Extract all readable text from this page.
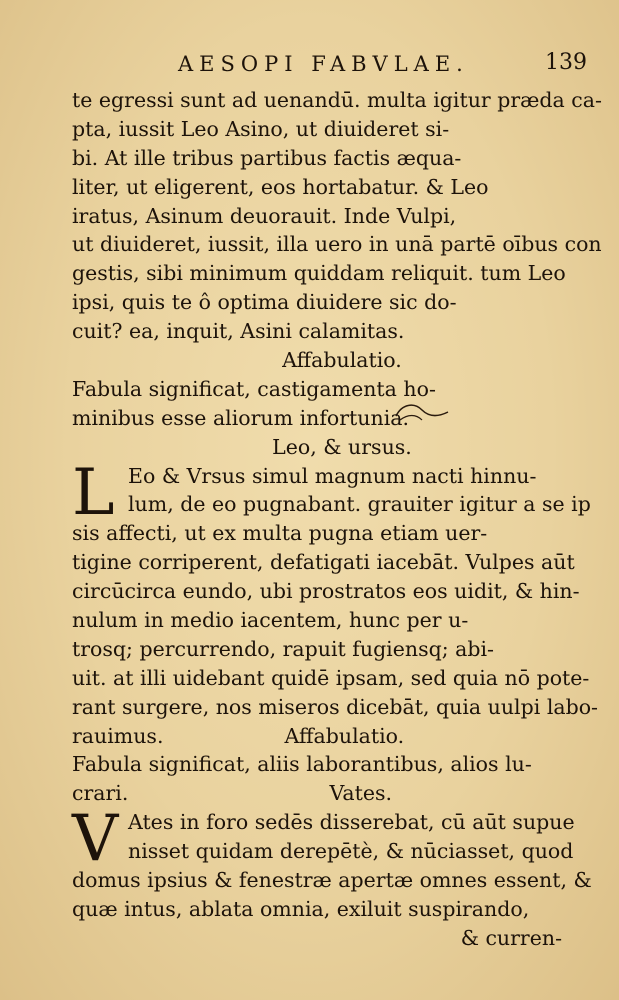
AESOPI FABVLAE.	139
te egressi sunt ad uenandū. multa igitur præda ca-
pta, iussit Leo Asino, ut diuideret si-
bi. At ille tribus partibus factis æqua-
liter, ut eligerent, eos hortabatur. & Leo
iratus, Asinum deuorauit. Inde Vulpi,
ut diuideret, iussit, illa uero in unā partē oībus con
gestis, sibi minimum quiddam reliquit. tum Leo
ipsi, quis te ô optima diuidere sic do-
cuit? ea, inquit, Asini calamitas.
Affabulatio.
Fabula significat, castigamenta ho-
minibus esse aliorum infortunia.
Leo, & ursus.
L Eo & Vrsus simul magnum nacti hinnu-
lum, de eo pugnabant. grauiter igitur a se ip
sis affecti, ut ex multa pugna etiam uer-
tigine corriperent, defatigati iacebāt. Vulpes aūt
circūcirca eundo, ubi prostratos eos uidit, & hin-
nulum in medio iacentem, hunc per u-
trosq; percurrendo, rapuit fugiensq; abi-
uit. at illi uidebant quidē ipsam, sed quia nō pote-
rant surgere, nos miseros dicebāt, quia uulpi labo-
rauimus.	Affabulatio.
Fabula significat, aliis laborantibus, alios lu-
crari.	Vates.
V Ates in foro sedēs disserebat, cū aūt supue
nisset quidam derepētè, & nūciasset, quod
domus ipsius & fenestræ apertæ omnes essent, &
quæ intus, ablata omnia, exiluit suspirando,
& curren-
